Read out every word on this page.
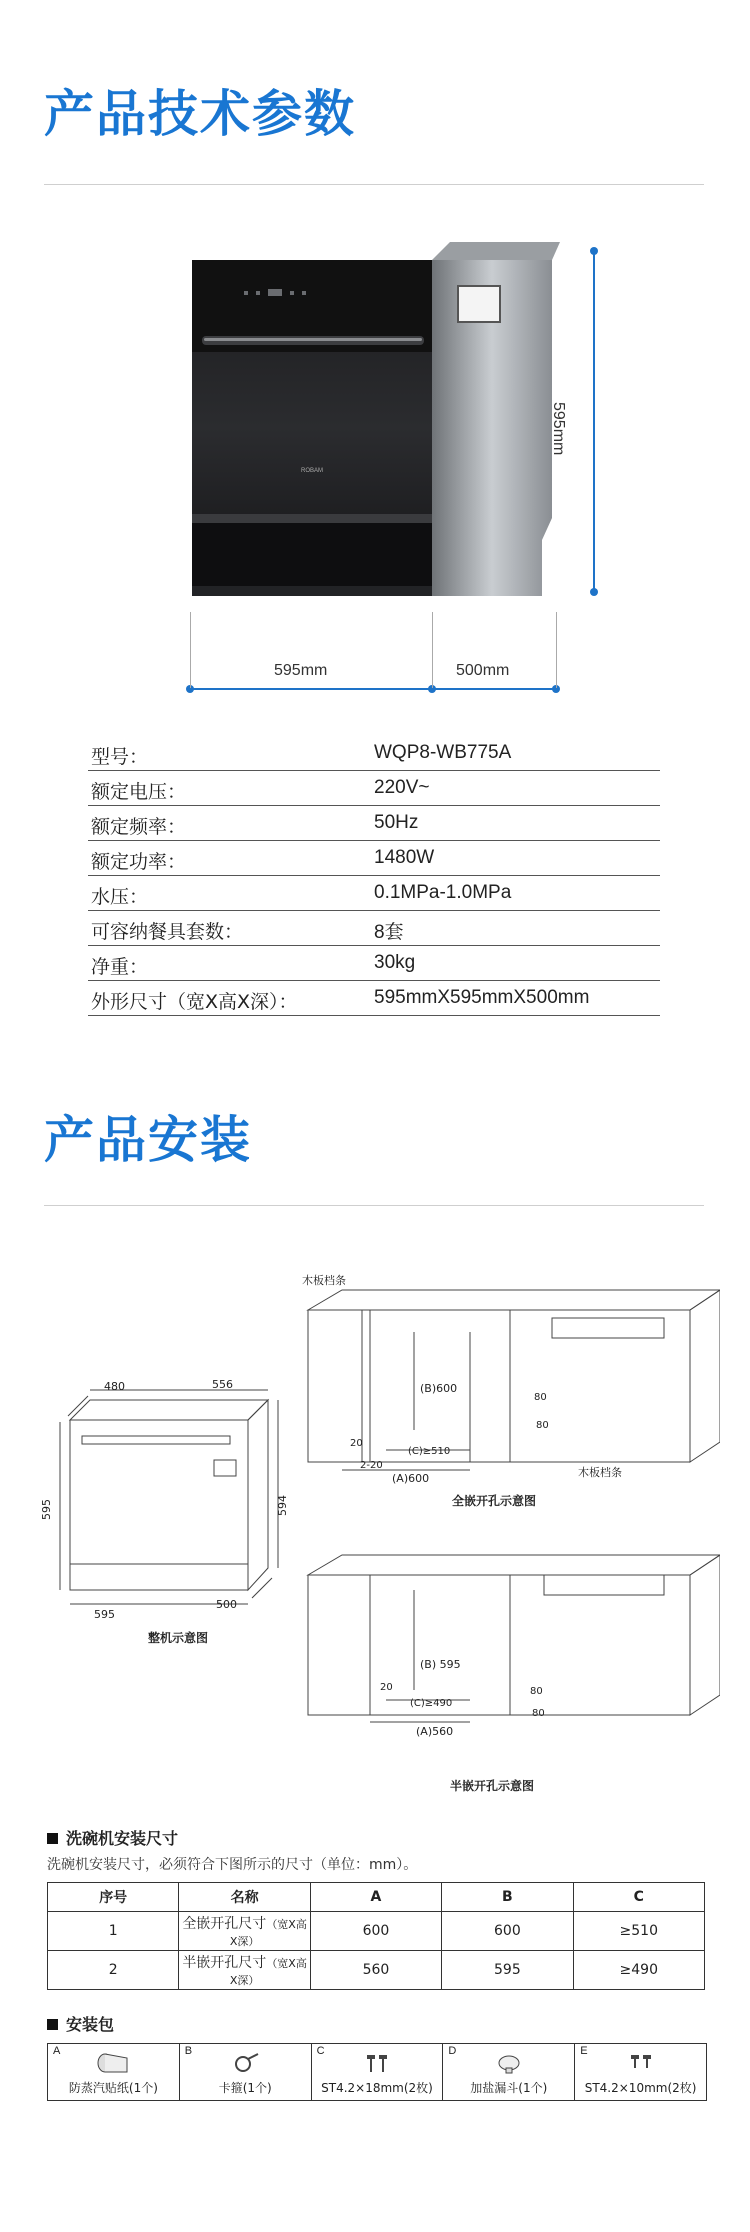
产品技术参数
ROBAM
595mm
595mm	500mm
型号：	WQP8-WB775A
额定电压：	220V~
额定频率：	50Hz
额定功率：	1480W
水压：	0.1MPa-1.0MPa
可容纳餐具套数：	8套
净重：	30kg
外形尺寸（宽X高X深）：	595mmX595mmX500mm
产品安装
480	556
595	594
595
500
整机示意图
木板档条
木板档条
(B)600
(C)≥510
(A)600
20
2-20
80
80
全嵌开孔示意图
(B) 595
(C)≥490
(A)560
20	80
80
半嵌开孔示意图
洗碗机安装尺寸
洗碗机安装尺寸，必须符合下图所示的尺寸（单位：mm）。
序号	名称	A	B	C
1	全嵌开孔尺寸（宽X高X深）	600	600	≥510
2	半嵌开孔尺寸（宽X高X深）	560	595	≥490
安装包
A
防蒸汽贴纸(1个)
B
卡箍(1个)
C
ST4.2×18mm(2枚)
D
加盐漏斗(1个)
E
ST4.2×10mm(2枚)
